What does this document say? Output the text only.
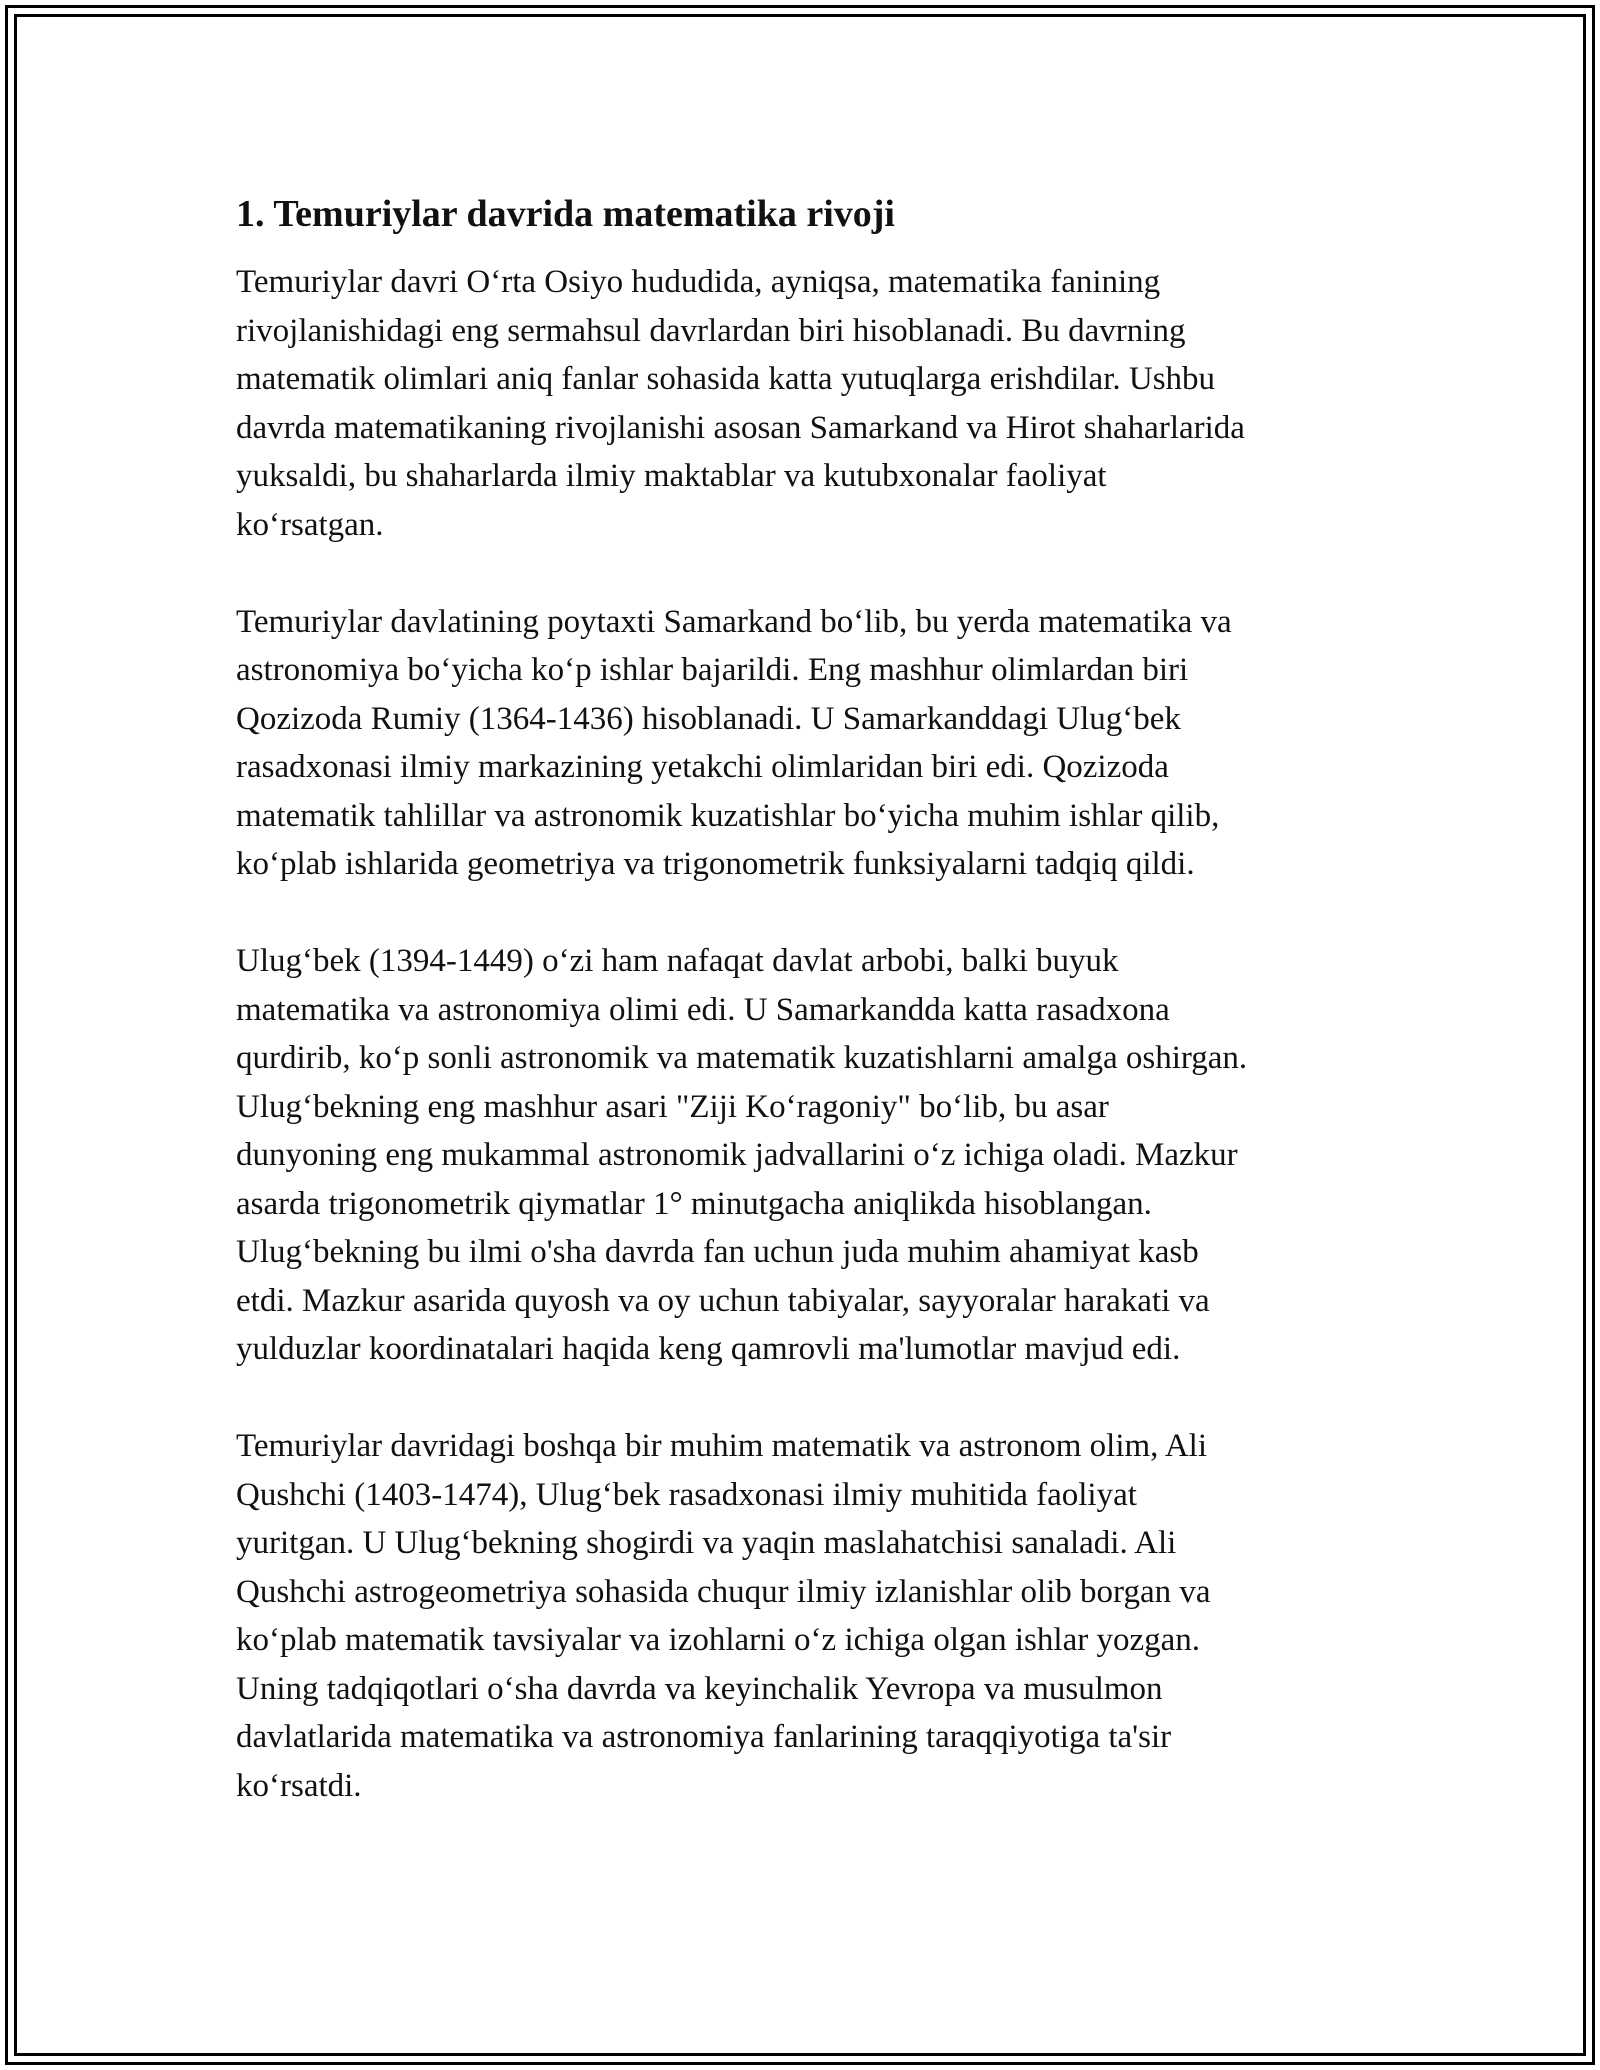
1. Temuriylar davrida matematika rivoji
Temuriylar davri O‘rta Osiyo hududida, ayniqsa, matematika fanining
rivojlanishidagi eng sermahsul davrlardan biri hisoblanadi. Bu davrning
matematik olimlari aniq fanlar sohasida katta yutuqlarga erishdilar. Ushbu
davrda matematikaning rivojlanishi asosan Samarkand va Hirot shaharlarida
yuksaldi, bu shaharlarda ilmiy maktablar va kutubxonalar faoliyat
ko‘rsatgan.
Temuriylar davlatining poytaxti Samarkand bo‘lib, bu yerda matematika va
astronomiya bo‘yicha ko‘p ishlar bajarildi. Eng mashhur olimlardan biri
Qozizoda Rumiy (1364-1436) hisoblanadi. U Samarkanddagi Ulug‘bek
rasadxonasi ilmiy markazining yetakchi olimlaridan biri edi. Qozizoda
matematik tahlillar va astronomik kuzatishlar bo‘yicha muhim ishlar qilib,
ko‘plab ishlarida geometriya va trigonometrik funksiyalarni tadqiq qildi.
Ulug‘bek (1394-1449) o‘zi ham nafaqat davlat arbobi, balki buyuk
matematika va astronomiya olimi edi. U Samarkandda katta rasadxona
qurdirib, ko‘p sonli astronomik va matematik kuzatishlarni amalga oshirgan.
Ulug‘bekning eng mashhur asari "Ziji Ko‘ragoniy" bo‘lib, bu asar
dunyoning eng mukammal astronomik jadvallarini o‘z ichiga oladi. Mazkur
asarda trigonometrik qiymatlar 1° minutgacha aniqlikda hisoblangan.
Ulug‘bekning bu ilmi o'sha davrda fan uchun juda muhim ahamiyat kasb
etdi. Mazkur asarida quyosh va oy uchun tabiyalar, sayyoralar harakati va
yulduzlar koordinatalari haqida keng qamrovli ma'lumotlar mavjud edi.
Temuriylar davridagi boshqa bir muhim matematik va astronom olim, Ali
Qushchi (1403-1474), Ulug‘bek rasadxonasi ilmiy muhitida faoliyat
yuritgan. U Ulug‘bekning shogirdi va yaqin maslahatchisi sanaladi. Ali
Qushchi astrogeometriya sohasida chuqur ilmiy izlanishlar olib borgan va
ko‘plab matematik tavsiyalar va izohlarni o‘z ichiga olgan ishlar yozgan.
Uning tadqiqotlari o‘sha davrda va keyinchalik Yevropa va musulmon
davlatlarida matematika va astronomiya fanlarining taraqqiyotiga ta'sir
ko‘rsatdi.
